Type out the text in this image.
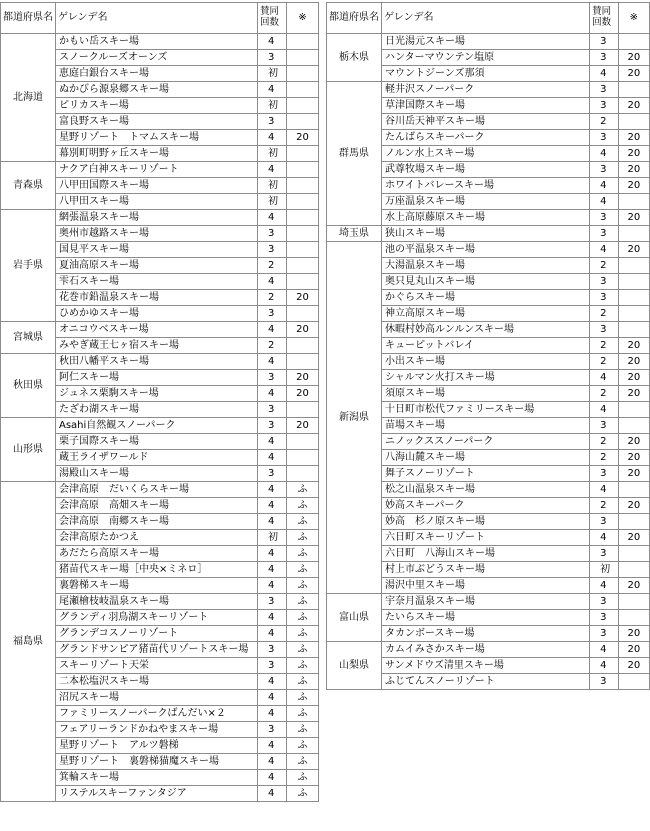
都道府県名	ゲレンデ名	賛同
回数	※
北海道	かもい岳スキー場	4	
	スノークルーズオーンズ	3	
	恵庭白銀台スキー場	初	
	ぬかびら源泉郷スキー場	4	
	ピリカスキー場	初	
	富良野スキー場	3	
	星野リゾート　トマムスキー場	4	20
	幕別町明野ヶ丘スキー場	初	
青森県	ナクア白神スキーリゾート	4	
	八甲田国際スキー場	初	
	八甲田スキー場	初	
岩手県	網張温泉スキー場	4	
	奥州市越路スキー場	3	
	国見平スキー場	3	
	夏油高原スキー場	2	
	雫石スキー場	4	
	花巻市鉛温泉スキー場	2	20
	ひめかゆスキー場	3	
宮城県	オニコウベスキー場	4	20
	みやぎ蔵王七ヶ宿スキー場	2	
秋田県	秋田八幡平スキー場	4	
	阿仁スキー場	3	20
	ジュネス栗駒スキー場	4	20
	たざわ湖スキー場	3	
山形県	Asahi自然観スノーパーク	3	20
	栗子国際スキー場	4	
	蔵王ライザワールド	4	
	湯殿山スキー場	3	
福島県	会津高原　だいくらスキー場	4	ふ
	会津高原　高畑スキー場	4	ふ
	会津高原　南郷スキー場	4	ふ
	会津高原たかつえ	初	ふ
	あだたら高原スキー場	4	ふ
	猪苗代スキー場［中央×ミネロ］	4	ふ
	裏磐梯スキー場	4	ふ
	尾瀬檜枝岐温泉スキー場	3	ふ
	グランディ羽鳥湖スキーリゾート	4	ふ
	グランデコスノーリゾート	4	ふ
	グランドサンピア猪苗代リゾートスキー場	3	ふ
	スキーリゾート天栄	3	ふ
	二本松塩沢スキー場	4	ふ
	沼尻スキー場	4	ふ
	ファミリースノーパークばんだい×２	4	ふ
	フェアリーランドかねやまスキー場	3	ふ
	星野リゾート　アルツ磐梯	4	ふ
	星野リゾート　裏磐梯猫魔スキー場	4	ふ
	箕輪スキー場	4	ふ
	リステルスキーファンタジア	4	ふ
都道府県名	ゲレンデ名	賛同
回数	※
栃木県	日光湯元スキー場	3	
	ハンターマウンテン塩原	3	20
	マウントジーンズ那須	4	20
群馬県	軽井沢スノーパーク	3	
	草津国際スキー場	3	20
	谷川岳天神平スキー場	2	
	たんばらスキーパーク	3	20
	ノルン水上スキー場	4	20
	武尊牧場スキー場	3	20
	ホワイトバレースキー場	4	20
	万座温泉スキー場	4	
	水上高原藤原スキー場	3	20
埼玉県	狭山スキー場	3	
新潟県	池の平温泉スキー場	4	20
	大湯温泉スキー場	2	
	奥只見丸山スキー場	3	
	かぐらスキー場	3	
	神立高原スキー場	2	
	休暇村妙高ルンルンスキー場	3	
	キューピットバレイ	2	20
	小出スキー場	2	20
	シャルマン火打スキー場	4	20
	須原スキー場	2	20
	十日町市松代ファミリースキー場	4	
	苗場スキー場	3	
	ニノックススノーパーク	2	20
	八海山麓スキー場	2	20
	舞子スノーリゾート	3	20
	松之山温泉スキー場	4	
	妙高スキーパーク	2	20
	妙高　杉ノ原スキー場	3	
	六日町スキーリゾート	4	20
	六日町　八海山スキー場	3	
	村上市ぶどうスキー場	初	
	湯沢中里スキー場	4	20
富山県	宇奈月温泉スキー場	3	
	たいらスキー場	3	
	タカンボースキー場	3	20
山梨県	カムイみさかスキー場	4	20
	サンメドウズ清里スキー場	4	20
	ふじてんスノーリゾート	3	
